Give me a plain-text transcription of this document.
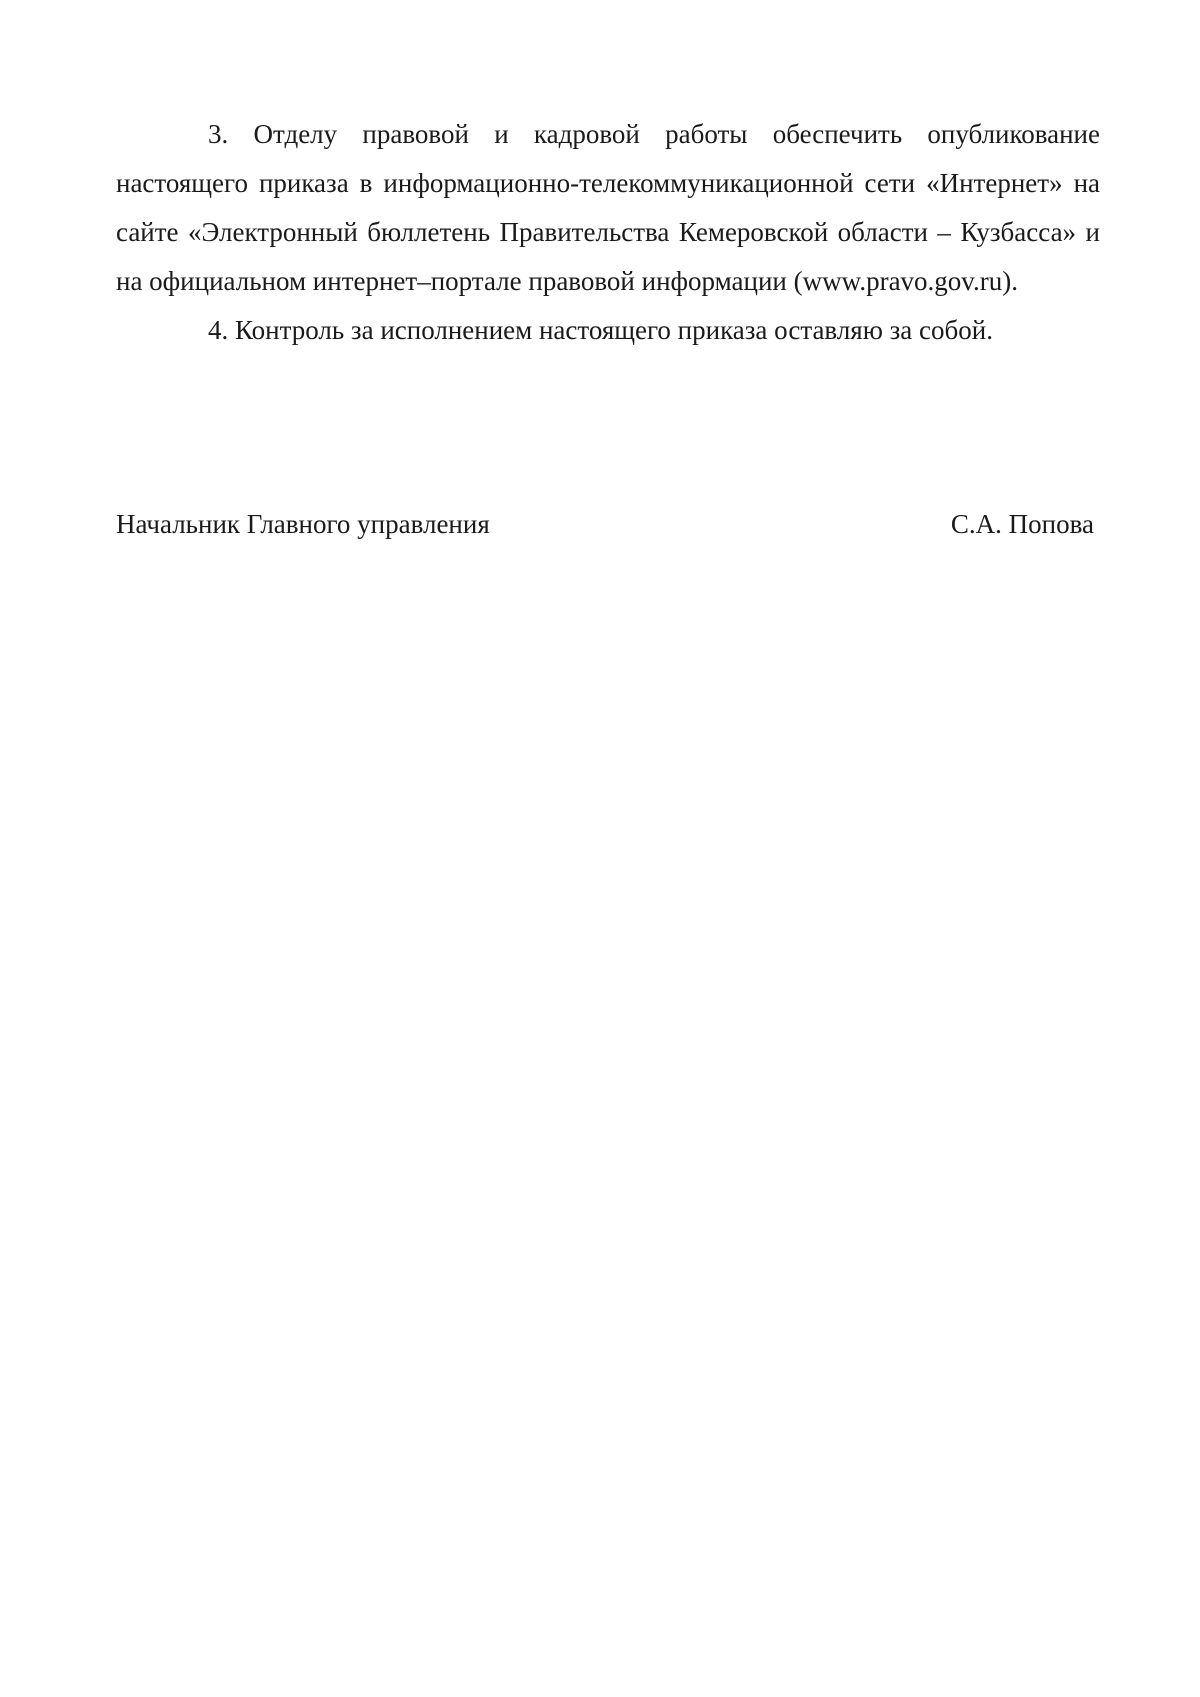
3. Отделу правовой и кадровой работы обеспечить опубликование настоящего приказа в информационно-телекоммуникационной сети «Интернет» на сайте «Электронный бюллетень Правительства Кемеровской области – Кузбасса» и на официальном интернет–портале правовой информации (www.pravo.gov.ru).

4. Контроль за исполнением настоящего приказа оставляю за собой.

Начальник Главного управления	С.А. Попова
